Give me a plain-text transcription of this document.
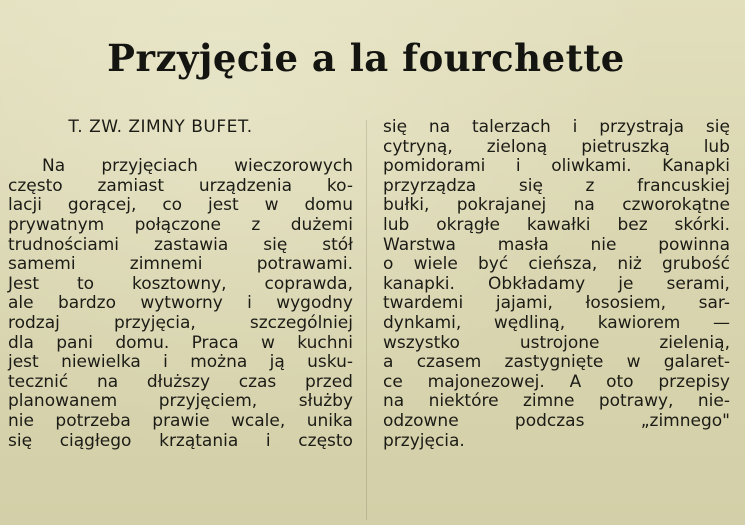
Przyjęcie a la fourchette
T. ZW. ZIMNY BUFET.
Na przyjęciach wieczorowych
często zamiast urządzenia ko-
lacji gorącej, co jest w domu
prywatnym połączone z dużemi
trudnościami zastawia się stół
samemi	zimnemi	potrawami.
Jest to kosztowny, coprawda,
ale bardzo wytworny i wygodny
rodzaj	przyjęcia,	szczególniej
dla pani domu. Praca w kuchni
jest niewielka i można ją usku-
tecznić na dłuższy czas przed
planowanem przyjęciem, służby
nie potrzeba prawie wcale, unika
się ciągłego krzątania i często
się na talerzach i przystraja się
cytryną, zieloną pietruszką lub
pomidorami i oliwkami. Kanapki
przyrządza	się	z	francuskiej
bułki, pokrajanej na czworokątne
lub okrągłe kawałki bez skórki.
Warstwa masła nie powinna
o wiele być cieńsza, niż grubość
kanapki. Obkładamy je serami,
twardemi jajami, łososiem, sar-
dynkami, wędliną, kawiorem —
wszystko	ustrojone	zielenią,
a czasem zastygnięte w galaret-
ce majonezowej. A oto przepisy
na niektóre zimne potrawy, nie-
odzowne	podczas	„zimnego"
przyjęcia.
